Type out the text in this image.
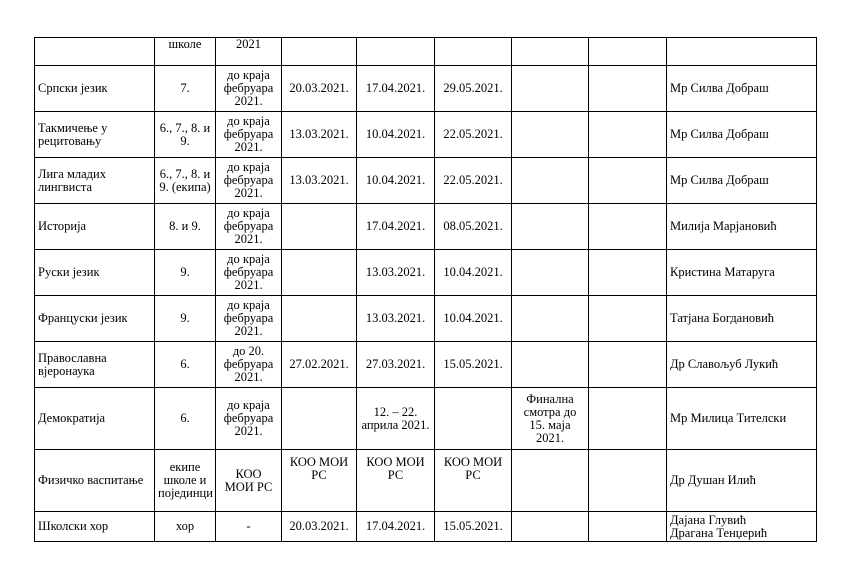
	школе	2021						

Српски језик	7.	до краја
фебруара
2021.	20.03.2021.	17.04.2021.	29.05.2021.			Мр Силва Добраш

Такмичење у рецитовању	6., 7., 8. и 9.	до краја
фебруара
2021.	13.03.2021.	10.04.2021.	22.05.2021.			Мр Силва Добраш

Лига младих лингвиста	6., 7., 8. и 9. (екипа)	до краја
фебруара
2021.	13.03.2021.	10.04.2021.	22.05.2021.			Мр Силва Добраш

Историја	8. и 9.	до краја
фебруара
2021.		17.04.2021.	08.05.2021.			Милија Марјановић

Руски језик	9.	до краја
фебруара
2021.		13.03.2021.	10.04.2021.			Кристина Матаруга

Француски језик	9.	до краја
фебруара
2021.		13.03.2021.	10.04.2021.			Татјана Богдановић

Православна вјеронаука	6.	до 20.
фебруара
2021.	27.02.2021.	27.03.2021.	15.05.2021.			Др Славољуб Лукић

Демократија	6.	до краја
фебруара
2021.		12. – 22. априла 2021.		Финална смотра до 15. маја 2021.		Мр Милица Тителски

Физичко васпитање	екипе школе и појединци	КОО
МОИ РС	КОО МОИ РС	КОО МОИ РС	КОО МОИ РС			Др Душан Илић

Школски хор	хор	-	20.03.2021.	17.04.2021.	15.05.2021.			Дајана Глувић
Драгана Тенџерић
